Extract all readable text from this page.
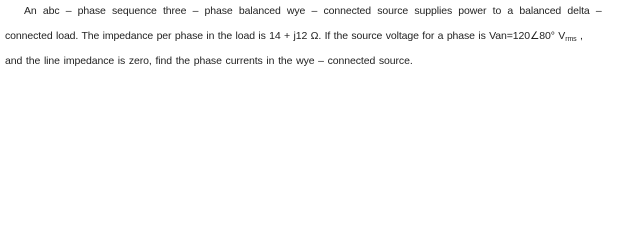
An abc – phase sequence three – phase balanced wye – connected source supplies power to a balanced delta –
connected load. The impedance per phase in the load is 14 + j12 Ω. If the source voltage for a phase is Van=120∠80° $V_{rms}$ ,
and the line impedance is zero, find the phase currents in the wye – connected source.
